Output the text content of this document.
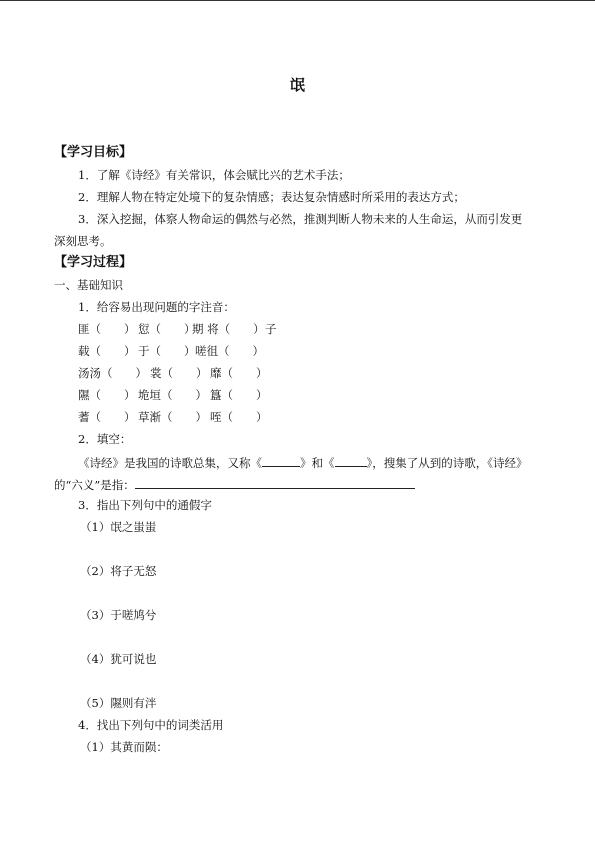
氓
【学习目标】
1．了解《诗经》有关常识，体会赋比兴的艺术手法；
2．理解人物在特定处境下的复杂情感；表达复杂情感时所采用的表达方式；
3．深入挖掘，体察人物命运的偶然与必然，推测判断人物未来的人生命运，从而引发更
深刻思考。
【学习过程】
一、基础知识
1．给容易出现问题的字注音：
匪（　　） 愆（　　）
期 将（　　） 子
载（　　） 于（　　） 嗟徂（　　）
汤汤（　　） 裳（　　） 靡（　　）
隰（　　） 垝垣（　　） 簋（　　）
蓍（　　） 草渐（　　） 咥（　　）
2．填空：
《诗经》是我国的诗歌总集，又称《	》和《	》，搜集了从到的诗歌，《诗经》
的“六义”是指：
3．指出下列句中的通假字
（1）氓之蚩蚩
（2）将子无怒
（3）于嗟鸠兮
（4）犹可说也
（5）隰则有泮
4．找出下列句中的词类活用
（1）其黄而陨：
